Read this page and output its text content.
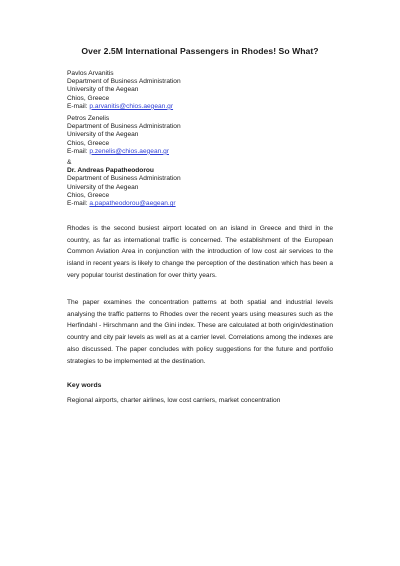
Over 2.5M International Passengers in Rhodes! So What?
Pavlos Arvanitis
Department of Business Administration
University of the Aegean
Chios, Greece
E-mail: p.arvanitis@chios.aegean.gr
Petros Zenelis
Department of Business Administration
University of the Aegean
Chios, Greece
E-mail: p.zenelis@chios.aegean.gr
&
Dr. Andreas Papatheodorou
Department of Business Administration
University of the Aegean
Chios, Greece
E-mail: a.papatheodorou@aegean.gr
Rhodes is the second busiest airport located on an island in Greece and third in the country, as far as international traffic is concerned. The establishment of the European Common Aviation Area in conjunction with the introduction of low cost air services to the island in recent years is likely to change the perception of the destination which has been a very popular tourist destination for over thirty years.
The paper examines the concentration patterns at both spatial and industrial levels analysing the traffic patterns to Rhodes over the recent years using measures such as the Herfindahl - Hirschmann and the Gini index. These are calculated at both origin/destination country and city pair levels as well as at a carrier level. Correlations among the indexes are also discussed. The paper concludes with policy suggestions for the future and portfolio strategies to be implemented at the destination.
Key words
Regional airports, charter airlines, low cost carriers, market concentration
